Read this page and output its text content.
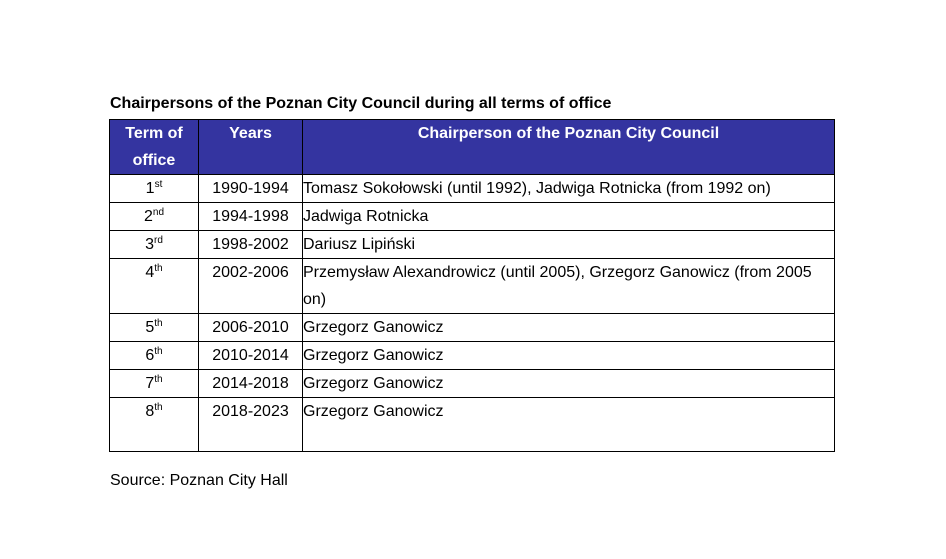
Chairpersons of the Poznan City Council during all terms of office
Term of office	Years	Chairperson of the Poznan City Council
1st	1990-1994	Tomasz Sokołowski (until 1992), Jadwiga Rotnicka (from 1992 on)
2nd	1994-1998	Jadwiga Rotnicka
3rd	1998-2002	Dariusz Lipiński
4th	2002-2006	Przemysław Alexandrowicz (until 2005), Grzegorz Ganowicz (from 2005 on)
5th	2006-2010	Grzegorz Ganowicz
6th	2010-2014	Grzegorz Ganowicz
7th	2014-2018	Grzegorz Ganowicz
8th	2018-2023	Grzegorz Ganowicz
Source: Poznan City Hall
